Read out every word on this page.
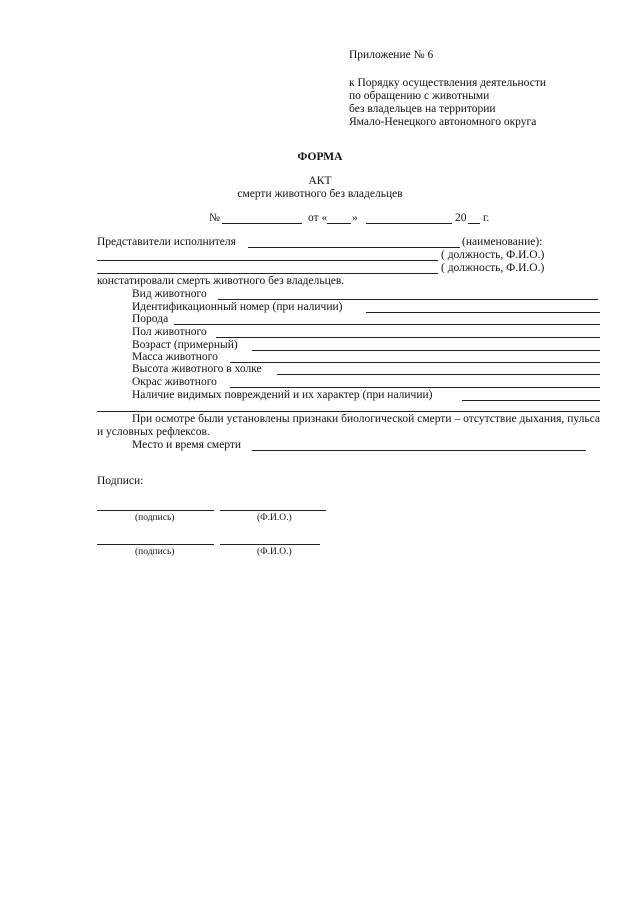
Приложение № 6
к Порядку осуществления деятельности
по обращению с животными
без владельцев на территории
Ямало-Ненецкого автономного округа
ФОРМА
АКТ
смерти животного без владельцев
№	от « »	20 г.
Представители исполнителя	(наименование):
( должность, Ф.И.О.)
( должность, Ф.И.О.)
констатировали смерть животного без владельцев.
Вид животного
Идентификационный номер (при наличии)
Порода
Пол животного
Возраст (примерный)
Масса животного
Высота животного в холке
Окрас животного
Наличие видимых повреждений и их характер (при наличии)
При осмотре были установлены признаки биологической смерти – отсутствие дыхания, пульса и условных рефлексов.
Место и время смерти
Подписи:
(подпись)	(Ф.И.О.)
(подпись)	(Ф.И.О.)
